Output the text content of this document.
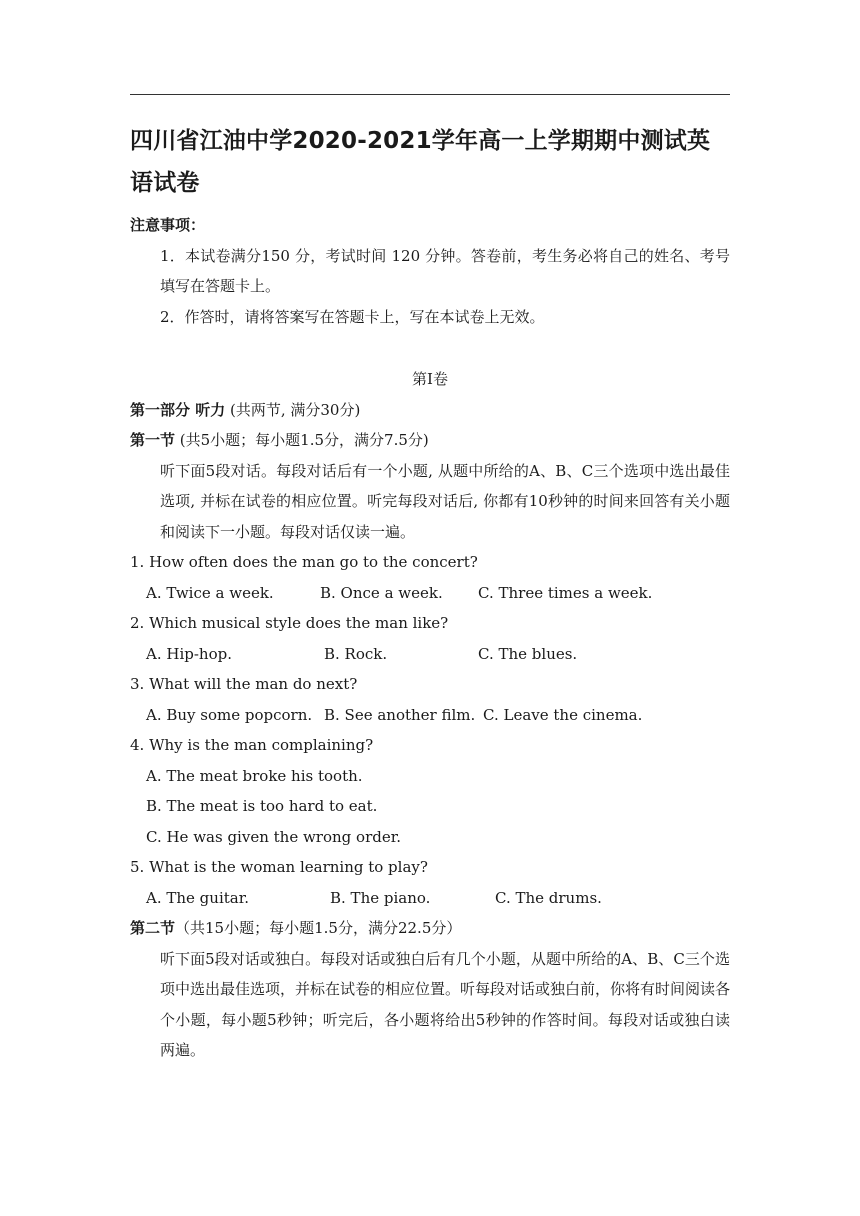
四川省江油中学2020-2021学年高一上学期期中测试英语试卷

注意事项：

1．本试卷满分150 分，考试时间 120 分钟。答卷前，考生务必将自己的姓名、考号填写在答题卡上。

2．作答时，请将答案写在答题卡上，写在本试卷上无效。

第Ⅰ卷

第一部分 听力 (共两节, 满分30分)

第一节 (共5小题；每小题1.5分，满分7.5分)

听下面5段对话。每段对话后有一个小题, 从题中所给的A、B、C三个选项中选出最佳选项, 并标在试卷的相应位置。听完每段对话后, 你都有10秒钟的时间来回答有关小题和阅读下一小题。每段对话仅读一遍。

1. How often does the man go to the concert?

A. Twice a week.	B. Once a week.	C. Three times a week.

2. Which musical style does the man like?

A. Hip-hop.	B. Rock.	C. The blues.

3. What will the man do next?

A. Buy some popcorn. B. See another film. C. Leave the cinema.

4. Why is the man complaining?

A. The meat broke his tooth.

B. The meat is too hard to eat.

C. He was given the wrong order.

5. What is the woman learning to play?

A. The guitar.	B. The piano.	C. The drums.

第二节（共15小题；每小题1.5分，满分22.5分）

听下面5段对话或独白。每段对话或独白后有几个小题，从题中所给的A、B、C三个选项中选出最佳选项，并标在试卷的相应位置。听每段对话或独白前，你将有时间阅读各个小题，每小题5秒钟；听完后，各小题将给出5秒钟的作答时间。每段对话或独白读两遍。
